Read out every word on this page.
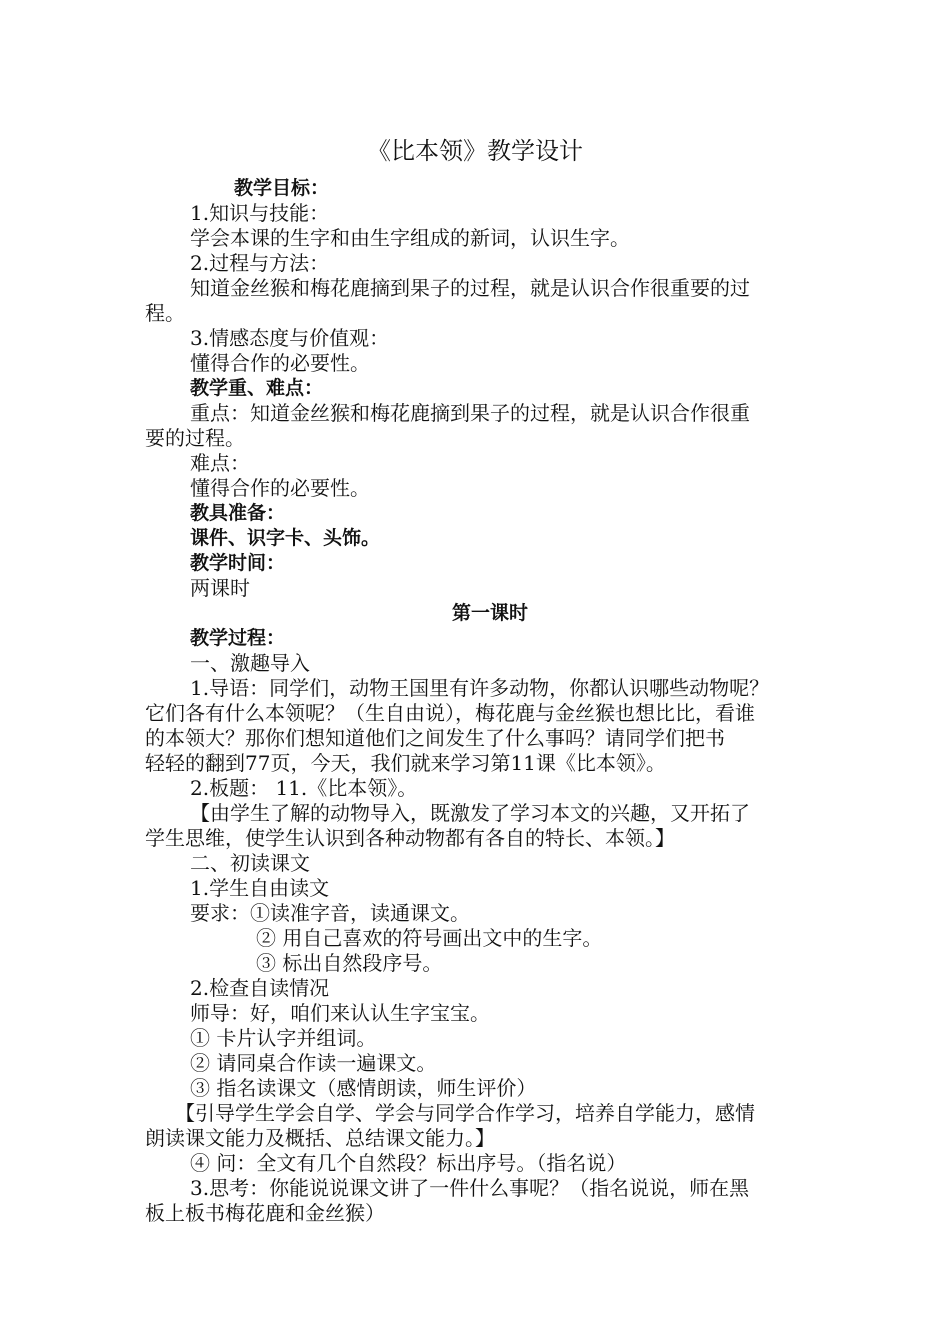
《比本领》教学设计
教学目标：
1.知识与技能：
学会本课的生字和由生字组成的新词，认识生字。
2.过程与方法：
知道金丝猴和梅花鹿摘到果子的过程，就是认识合作很重要的过
程。
3.情感态度与价值观：
懂得合作的必要性。
教学重、难点：
重点：知道金丝猴和梅花鹿摘到果子的过程，就是认识合作很重
要的过程。
难点：
懂得合作的必要性。
教具准备：
课件、识字卡、头饰。
教学时间：
两课时
第一课时
教学过程：
一、激趣导入
1.导语：同学们，动物王国里有许多动物，你都认识哪些动物呢？
它们各有什么本领呢？（生自由说），梅花鹿与金丝猴也想比比，看谁
的本领大？那你们想知道他们之间发生了什么事吗？请同学们把书
轻轻的翻到77页，今天，我们就来学习第11课《比本领》。
2.板题： 11.《比本领》。
【由学生了解的动物导入，既激发了学习本文的兴趣，又开拓了
学生思维，使学生认识到各种动物都有各自的特长、本领。】
二、初读课文
1.学生自由读文
要求：①读准字音，读通课文。
② 用自己喜欢的符号画出文中的生字。
③ 标出自然段序号。
2.检查自读情况
师导：好，咱们来认认生字宝宝。
① 卡片认字并组词。
② 请同桌合作读一遍课文。
③ 指名读课文（感情朗读，师生评价）
【引导学生学会自学、学会与同学合作学习，培养自学能力，感情
朗读课文能力及概括、总结课文能力。】
④ 问：全文有几个自然段？标出序号。（指名说）
3.思考：你能说说课文讲了一件什么事呢？（指名说说，师在黑
板上板书梅花鹿和金丝猴）
